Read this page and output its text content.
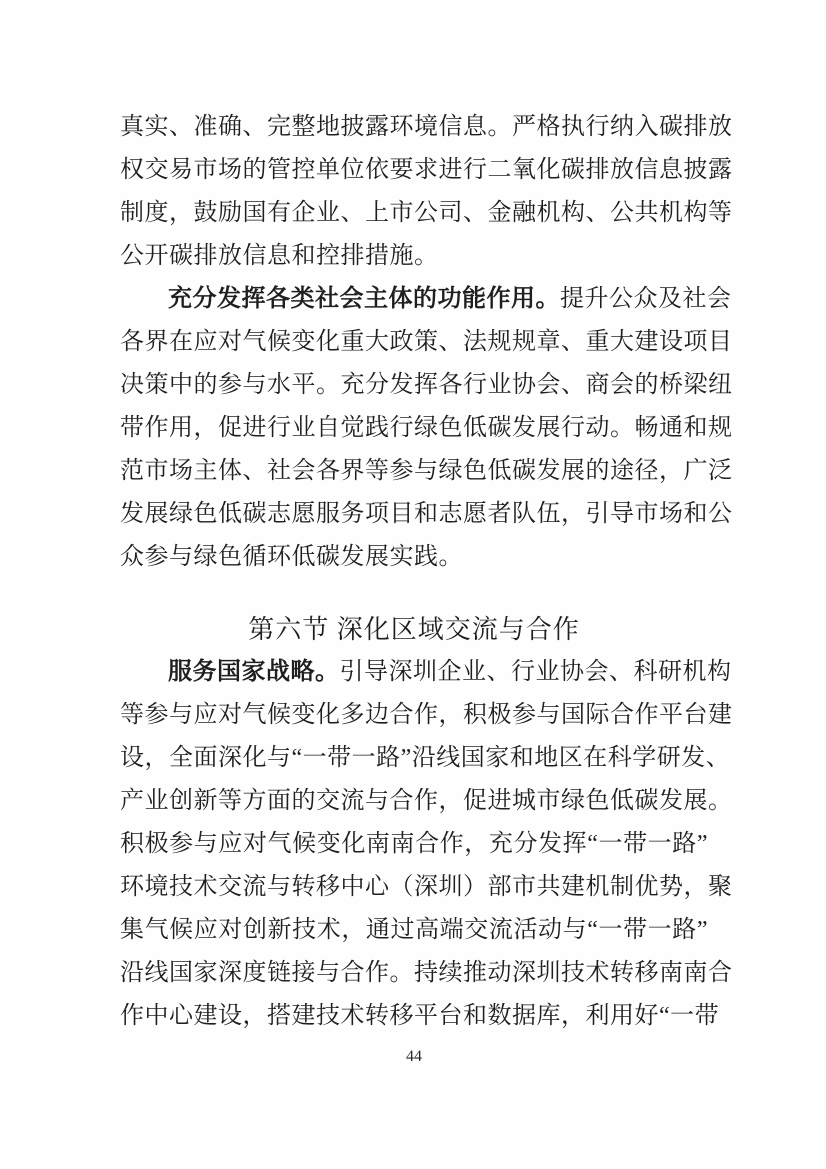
真实、准确、完整地披露环境信息。严格执行纳入碳排放
权交易市场的管控单位依要求进行二氧化碳排放信息披露
制度，鼓励国有企业、上市公司、金融机构、公共机构等
公开碳排放信息和控排措施。
充分发挥各类社会主体的功能作用。提升公众及社会
各界在应对气候变化重大政策、法规规章、重大建设项目
决策中的参与水平。充分发挥各行业协会、商会的桥梁纽
带作用，促进行业自觉践行绿色低碳发展行动。畅通和规
范市场主体、社会各界等参与绿色低碳发展的途径，广泛
发展绿色低碳志愿服务项目和志愿者队伍，引导市场和公
众参与绿色循环低碳发展实践。
第六节 深化区域交流与合作
服务国家战略。引导深圳企业、行业协会、科研机构
等参与应对气候变化多边合作，积极参与国际合作平台建
设，全面深化与“一带一路”沿线国家和地区在科学研发、
产业创新等方面的交流与合作，促进城市绿色低碳发展。
积极参与应对气候变化南南合作，充分发挥“一带一路”
环境技术交流与转移中心（深圳）部市共建机制优势，聚
集气候应对创新技术，通过高端交流活动与“一带一路”
沿线国家深度链接与合作。持续推动深圳技术转移南南合
作中心建设，搭建技术转移平台和数据库，利用好“一带
44
